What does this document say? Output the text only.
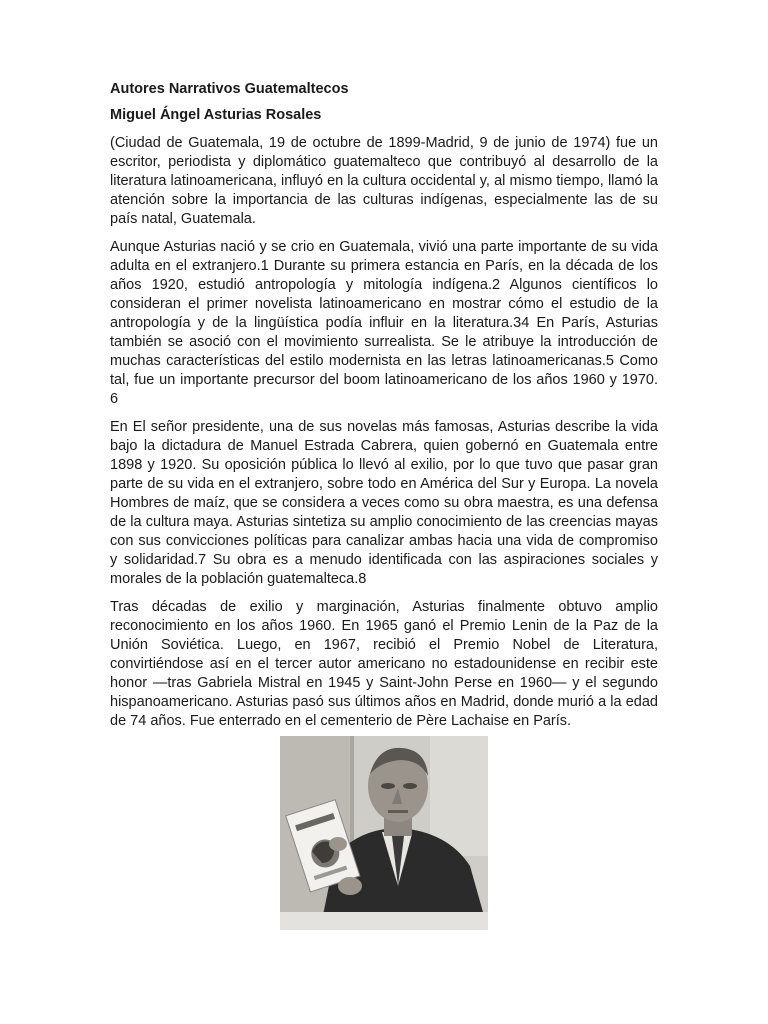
Autores Narrativos Guatemaltecos

Miguel Ángel Asturias Rosales

(Ciudad de Guatemala, 19 de octubre de 1899-Madrid, 9 de junio de 1974) fue un escritor, periodista y diplomático guatemalteco que contribuyó al desarrollo de la literatura latinoamericana, influyó en la cultura occidental y, al mismo tiempo, llamó la atención sobre la importancia de las culturas indígenas, especialmente las de su país natal, Guatemala.

Aunque Asturias nació y se crio en Guatemala, vivió una parte importante de su vida adulta en el extranjero.1 Durante su primera estancia en París, en la década de los años 1920, estudió antropología y mitología indígena.2 Algunos científicos lo consideran el primer novelista latinoamericano en mostrar cómo el estudio de la antropología y de la lingüística podía influir en la literatura.34 En París, Asturias también se asoció con el movimiento surrealista. Se le atribuye la introducción de muchas características del estilo modernista en las letras latinoamericanas.5 Como tal, fue un importante precursor del boom latinoamericano de los años 1960 y 1970. 6

En El señor presidente, una de sus novelas más famosas, Asturias describe la vida bajo la dictadura de Manuel Estrada Cabrera, quien gobernó en Guatemala entre 1898 y 1920. Su oposición pública lo llevó al exilio, por lo que tuvo que pasar gran parte de su vida en el extranjero, sobre todo en América del Sur y Europa. La novela Hombres de maíz, que se considera a veces como su obra maestra, es una defensa de la cultura maya. Asturias sintetiza su amplio conocimiento de las creencias mayas con sus convicciones políticas para canalizar ambas hacia una vida de compromiso y solidaridad.7 Su obra es a menudo identificada con las aspiraciones sociales y morales de la población guatemalteca.8

Tras décadas de exilio y marginación, Asturias finalmente obtuvo amplio reconocimiento en los años 1960. En 1965 ganó el Premio Lenin de la Paz de la Unión Soviética. Luego, en 1967, recibió el Premio Nobel de Literatura, convirtiéndose así en el tercer autor americano no estadounidense en recibir este honor —tras Gabriela Mistral en 1945 y Saint-John Perse en 1960— y el segundo hispanoamericano. Asturias pasó sus últimos años en Madrid, donde murió a la edad de 74 años. Fue enterrado en el cementerio de Père Lachaise en París.
